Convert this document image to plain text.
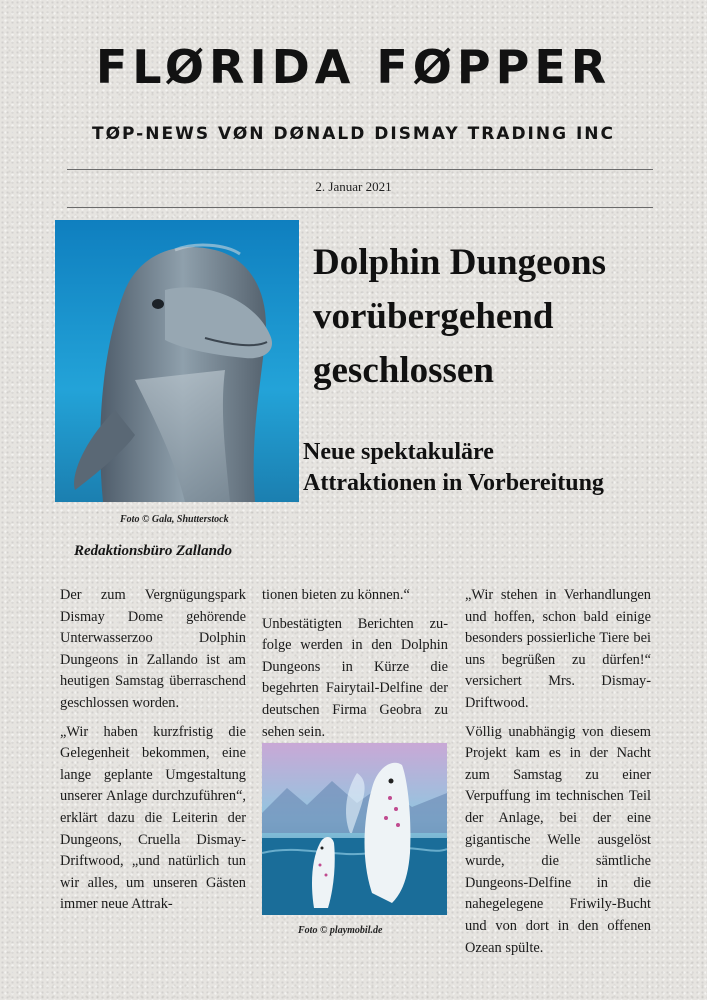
FLØRIDA FØPPER
TØP-NEWS VØN DØNALD DISMAY TRADING INC
2. Januar 2021
Foto © Gala, Shutterstock
Dolphin Dungeons
vorübergehend
geschlossen
Neue spektakuläre
Attraktionen in Vorbereitung
Redaktionsbüro Zallando

Der zum Vergnügungspark Dismay Dome gehörende Unterwasserzoo Dolphin Dungeons in Zallando ist am heutigen Samstag überraschend geschlossen worden.

„Wir haben kurzfristig die Gelegenheit bekommen, eine lange geplante Umgestaltung unserer Anlage durchzuführen“, erklärt dazu die Leiterin der Dungeons, Cruella Dismay-Driftwood, „und natürlich tun wir alles, um unseren Gästen immer neue Attrak-

tionen bieten zu können.“

Unbestätigten Berichten zufolge werden in den Dolphin Dungeons in Kürze die begehrten Fairytail-Delfine der deutschen Firma Geobra zu sehen sein.

Foto © playmobil.de

„Wir stehen in Verhandlungen und hoffen, schon bald einige besonders possierliche Tiere bei uns begrüßen zu dürfen!“ versichert Mrs. Dismay-Driftwood.

Völlig unabhängig von diesem Projekt kam es in der Nacht zum Samstag zu einer Verpuffung im technischen Teil der Anlage, bei der eine gigantische Welle ausgelöst wurde, die sämtliche Dungeons-Delfine in die nahegelegene Friwily-Bucht und von dort in den offenen Ozean spülte.
